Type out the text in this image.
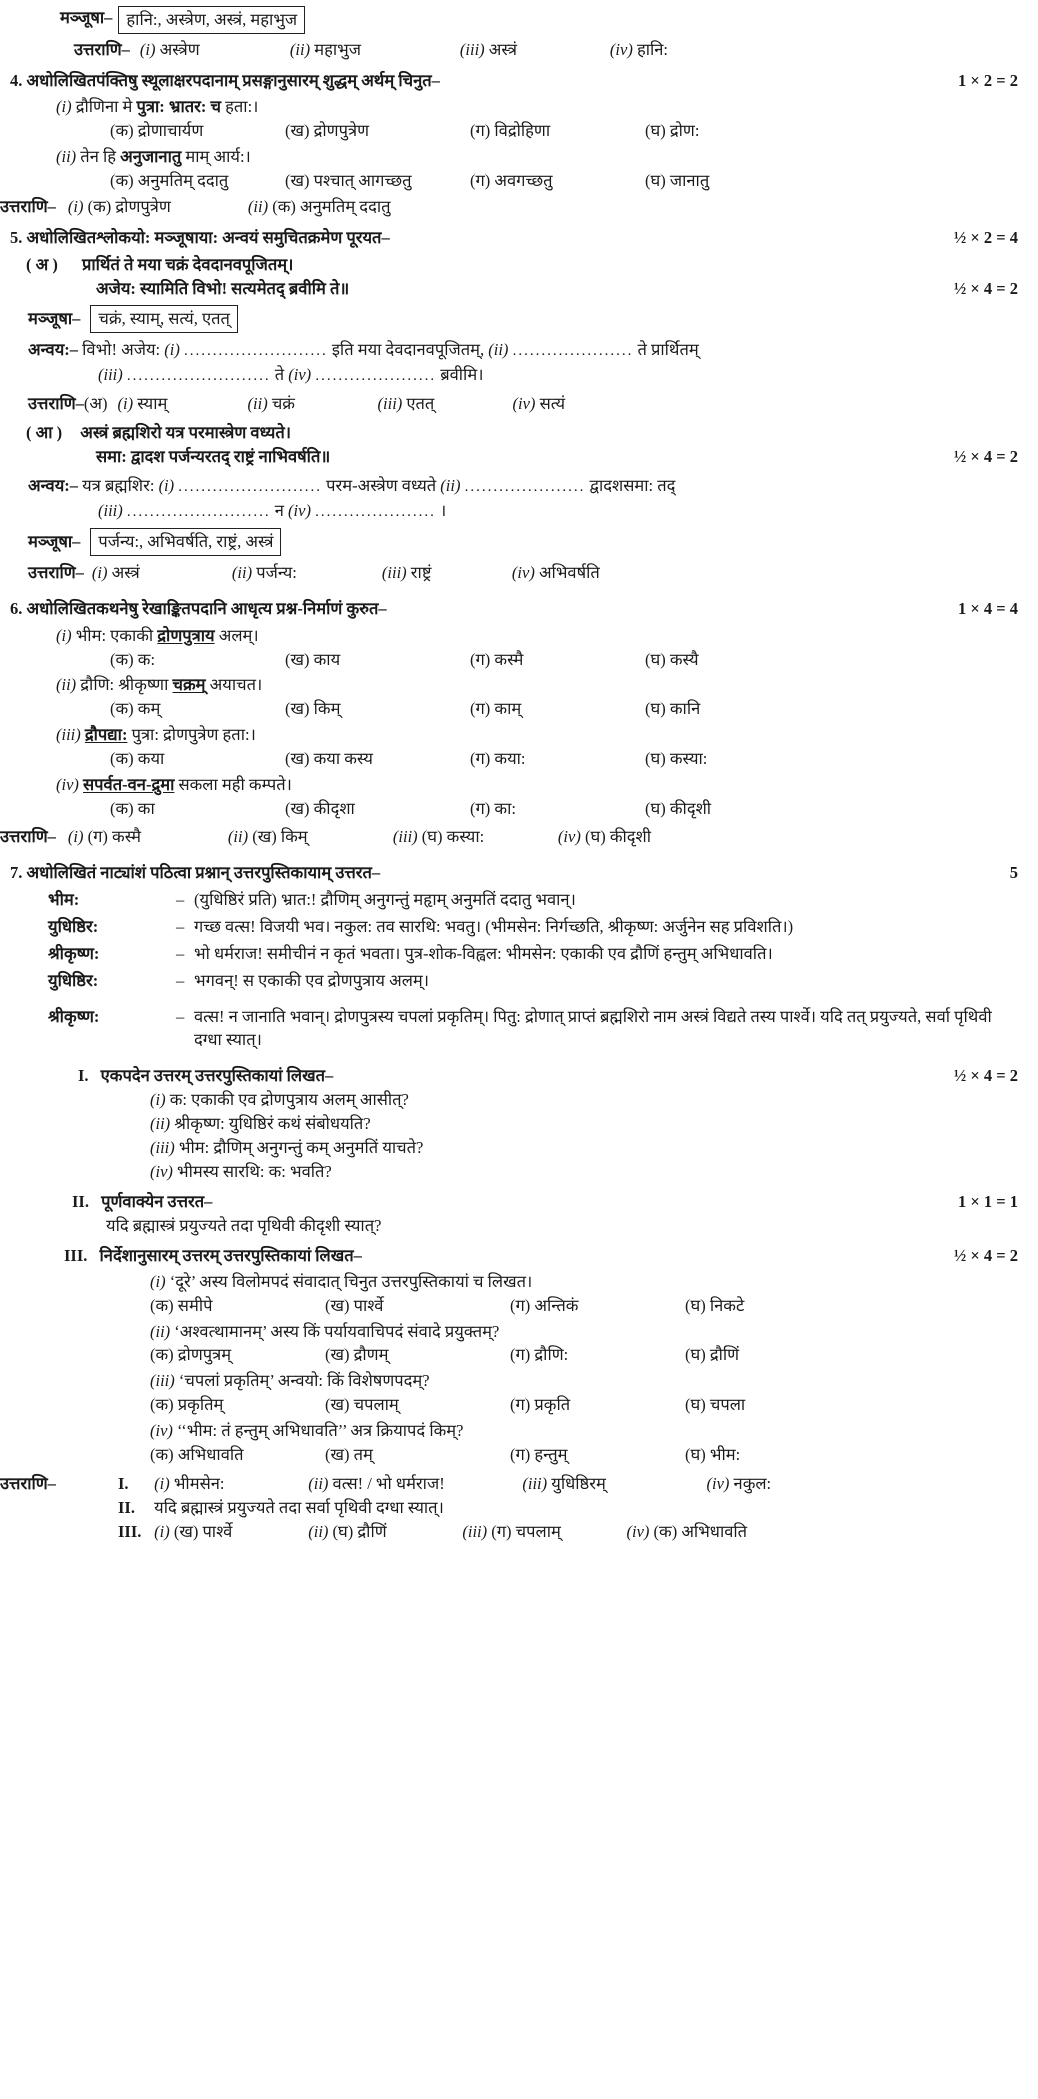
मञ्जूषा– हानि:, अस्त्रेण, अस्त्रं, महाभुज
उत्तराणि– (i) अस्त्रेण	(ii) महाभुज	(iii) अस्त्रं	(iv) हानि:
4. अधोलिखितपंक्तिषु स्थूलाक्षरपदानाम् प्रसङ्गानुसारम् शुद्धम् अर्थम् चिनुत–	1 × 2 = 2
(i) द्रौणिना मे पुत्रा: भ्रातर: च हता:।
(क) द्रोणाचार्यण	(ख) द्रोणपुत्रेण	(ग) विद्रोहिणा	(घ) द्रोण:
(ii) तेन हि अनुजानातु माम् आर्य:।
(क) अनुमतिम् ददातु	(ख) पश्चात् आगच्छतु	(ग) अवगच्छतु	(घ) जानातु
उत्तराणि– (i) (क) द्रोणपुत्रेण	(ii) (क) अनुमतिम् ददातु
5. अधोलिखितश्लोकयो: मञ्जूषाया: अन्वयं समुचितक्रमेण पूरयत–	½ × 2 = 4
( अ ) प्रार्थितं ते मया चक्रं देवदानवपूजितम्।
अजेय: स्यामिति विभो! सत्यमेतद् ब्रवीमि ते॥	½ × 4 = 2
मञ्जूषा–	चक्रं, स्याम्, सत्यं, एतत्
अन्वय:– विभो! अजेय: (i) ......................... इति मया देवदानवपूजितम्, (ii) ..................... ते प्रार्थितम्
(iii) ......................... ते (iv) ..................... ब्रवीमि।
उत्तराणि– (अ) (i) स्याम्	(ii) चक्रं	(iii) एतत्	(iv) सत्यं
( आ ) अस्त्रं ब्रह्मशिरो यत्र परमास्त्रेण वध्यते।
समा: द्वादश पर्जन्यरतद् राष्ट्रं नाभिवर्षति॥	½ × 4 = 2
अन्वय:– यत्र ब्रह्मशिर: (i) ......................... परम-अस्त्रेण वध्यते (ii) ..................... द्वादशसमा: तद्
(iii) ......................... न (iv) ..................... ।
मञ्जूषा–	पर्जन्य:, अभिवर्षति, राष्ट्रं, अस्त्रं
उत्तराणि– (i) अस्त्रं	(ii) पर्जन्य:	(iii) राष्ट्रं	(iv) अभिवर्षति
6. अधोलिखितकथनेषु रेखाङ्कितपदानि आधृत्य प्रश्न-निर्माणं कुरुत–	1 × 4 = 4
(i) भीम: एकाकी द्रोणपुत्राय अलम्।
(क) क:	(ख) काय	(ग) कस्मै	(घ) कस्यै
(ii) द्रौणि: श्रीकृष्णा चक्रम् अयाचत।
(क) कम्	(ख) किम्	(ग) काम्	(घ) कानि
(iii) द्रौपद्या: पुत्रा: द्रोणपुत्रेण हता:।
(क) कया	(ख) कया कस्य	(ग) कया:	(घ) कस्या:
(iv) सपर्वत-वन-द्रुमा सकला मही कम्पते।
(क) का	(ख) कीदृशा	(ग) का:	(घ) कीदृशी
उत्तराणि– (i) (ग) कस्मै	(ii) (ख) किम्	(iii) (घ) कस्या:	(iv) (घ) कीदृशी
7. अधोलिखितं नाट्यांशं पठित्वा प्रश्नान् उत्तरपुस्तिकायाम् उत्तरत–	5
भीम:	– (युधिष्ठिरं प्रति) भ्रात:! द्रौणिम् अनुगन्तुं महृाम् अनुमतिं ददातु भवान्।
युधिष्ठिर:	– गच्छ वत्स! विजयी भव। नकुल: तव सारथि: भवतु। (भीमसेन: निर्गच्छति, श्रीकृष्ण: अर्जुनेन सह प्रविशति।)
श्रीकृष्ण:	– भो धर्मराज! समीचीनं न कृतं भवता। पुत्र-शोक-विह्वल: भीमसेन: एकाकी एव द्रौणिं हन्तुम् अभिधावति।
युधिष्ठिर:	– भगवन्! स एकाकी एव द्रोणपुत्राय अलम्।
श्रीकृष्ण:	– वत्स! न जानाति भवान्। द्रोणपुत्रस्य चपलां प्रकृतिम्। पितु: द्रोणात् प्राप्तं ब्रह्मशिरो नाम अस्त्रं विद्यते तस्य पार्श्वे। यदि तत् प्रयुज्यते, सर्वा पृथिवी दग्धा स्यात्।
I. एकपदेन उत्तरम् उत्तरपुस्तिकायां लिखत–	½ × 4 = 2
(i) क: एकाकी एव द्रोणपुत्राय अलम् आसीत्?
(ii) श्रीकृष्ण: युधिष्ठिरं कथं संबोधयति?
(iii) भीम: द्रौणिम् अनुगन्तुं कम् अनुमतिं याचते?
(iv) भीमस्य सारथि: क: भवति?
II. पूर्णवाक्येन उत्तरत–	1 × 1 = 1
यदि ब्रह्मास्त्रं प्रयुज्यते तदा पृथिवी कीदृशी स्यात्?
III. निर्देशानुसारम् उत्तरम् उत्तरपुस्तिकायां लिखत–	½ × 4 = 2
(i) ‘दूरे’ अस्य विलोमपदं संवादात् चिनुत उत्तरपुस्तिकायां च लिखत।
(क) समीपे	(ख) पार्श्वे	(ग) अन्तिकं	(घ) निकटे
(ii) ‘अश्वत्थामानम्’ अस्य किं पर्यायवाचिपदं संवादे प्रयुक्तम्?
(क) द्रोणपुत्रम्	(ख) द्रौणम्	(ग) द्रौणि:	(घ) द्रौणिं
(iii) ‘चपलां प्रकृतिम्’ अन्वयो: किं विशेषणपदम्?
(क) प्रकृतिम्	(ख) चपलाम्	(ग) प्रकृति	(घ) चपला
(iv) ‘‘भीम: तं हन्तुम् अभिधावति’’ अत्र क्रियापदं किम्?
(क) अभिधावति	(ख) तम्	(ग) हन्तुम्	(घ) भीम:
उत्तराणि–	I. (i) भीमसेन:	(ii) वत्स! / भो धर्मराज!	(iii) युधिष्ठिरम्	(iv) नकुल:
II. यदि ब्रह्मास्त्रं प्रयुज्यते तदा सर्वा पृथिवी दग्धा स्यात्।
III. (i) (ख) पार्श्वे	(ii) (घ) द्रौणिं	(iii) (ग) चपलाम्	(iv) (क) अभिधावति
